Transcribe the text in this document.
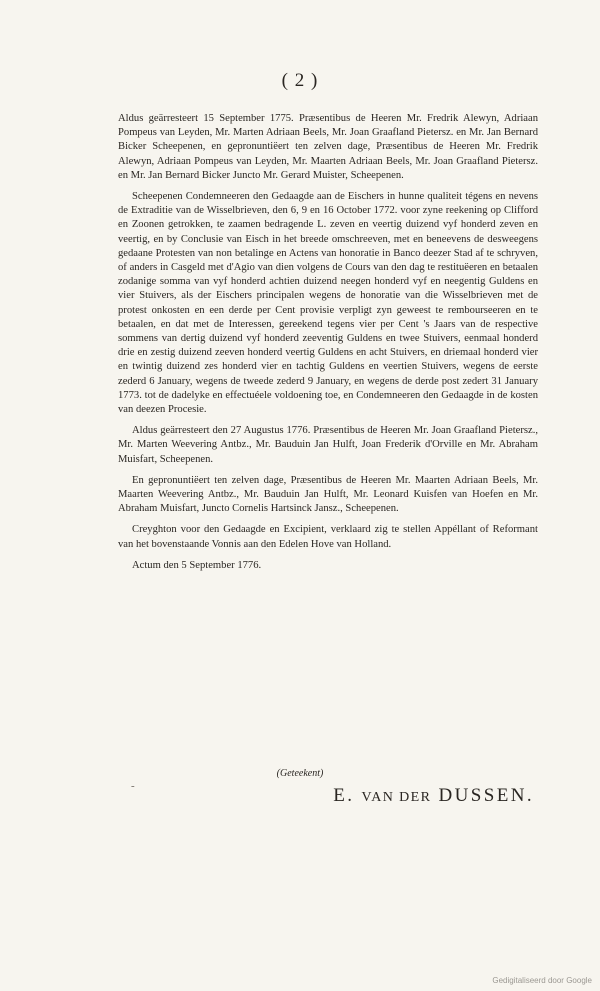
( 2 )

Aldus geärresteert 15 September 1775. Præsentibus de Heeren Mr. Fredrik Alewyn, Adriaan Pompeus van Leyden, Mr. Marten Adriaan Beels, Mr. Joan Graafland Pietersz. en Mr. Jan Bernard Bicker Scheepenen, en gepronuntiëert ten zelven dage, Præsentibus de Heeren Mr. Fredrik Alewyn, Adriaan Pompeus van Leyden, Mr. Maarten Adriaan Beels, Mr. Joan Graafland Pietersz. en Mr. Jan Bernard Bicker Juncto Mr. Gerard Muister, Scheepenen.

Scheepenen Condemneeren den Gedaagde aan de Eischers in hunne qualiteit tégens en nevens de Extraditie van de Wisselbrieven, den 6, 9 en 16 October 1772. voor zyne reekening op Clifford en Zoonen getrokken, te zaamen bedragende L. zeven en veertig duizend vyf honderd zeven en veertig, en by Conclusie van Eisch in het breede omschreeven, met en beneevens de desweegens gedaane Protesten van non betalinge en Actens van honoratie in Banco deezer Stad af te schryven, of anders in Casgeld met d'Agio van dien volgens de Cours van den dag te restituëeren en betaalen zodanige somma van vyf honderd achtien duizend neegen honderd vyf en neegentig Guldens en vier Stuivers, als der Eischers principalen wegens de honoratie van die Wisselbrieven met de protest onkosten en een derde per Cent provisie verpligt zyn geweest te rembourseeren en te betaalen, en dat met de Interessen, gereekend tegens vier per Cent 's Jaars van de respective sommens van dertig duizend vyf honderd zeeventig Guldens en twee Stuivers, eenmaal honderd drie en zestig duizend zeeven honderd veertig Guldens en acht Stuivers, en driemaal honderd vier en twintig duizend zes honderd vier en tachtig Guldens en veertien Stuivers, wegens de eerste zederd 6 January, wegens de tweede zederd 9 January, en wegens de derde post zedert 31 January 1773. tot de dadelyke en effectuéele voldoening toe, en Condemneeren den Gedaagde in de kosten van deezen Procesie.

Aldus geärresteert den 27 Augustus 1776. Præsentibus de Heeren Mr. Joan Graafland Pietersz., Mr. Marten Weevering Antbz., Mr. Bauduin Jan Hulft, Joan Frederik d'Orville en Mr. Abraham Muisfart, Scheepenen.

En gepronuntiëert ten zelven dage, Præsentibus de Heeren Mr. Maarten Adriaan Beels, Mr. Maarten Weevering Antbz., Mr. Bauduin Jan Hulft, Mr. Leonard Kuisfen van Hoefen en Mr. Abraham Muisfart, Juncto Cornelis Hartsinck Jansz., Scheepenen.

Creyghton voor den Gedaagde en Excipient, verklaard zig te stellen Appéllant of Reformant van het bovenstaande Vonnis aan den Edelen Hove van Holland.

Actum den 5 September 1776.

-
(Geteekent)
E. VAN DER DUSSEN.
Gedigitaliseerd door Google
